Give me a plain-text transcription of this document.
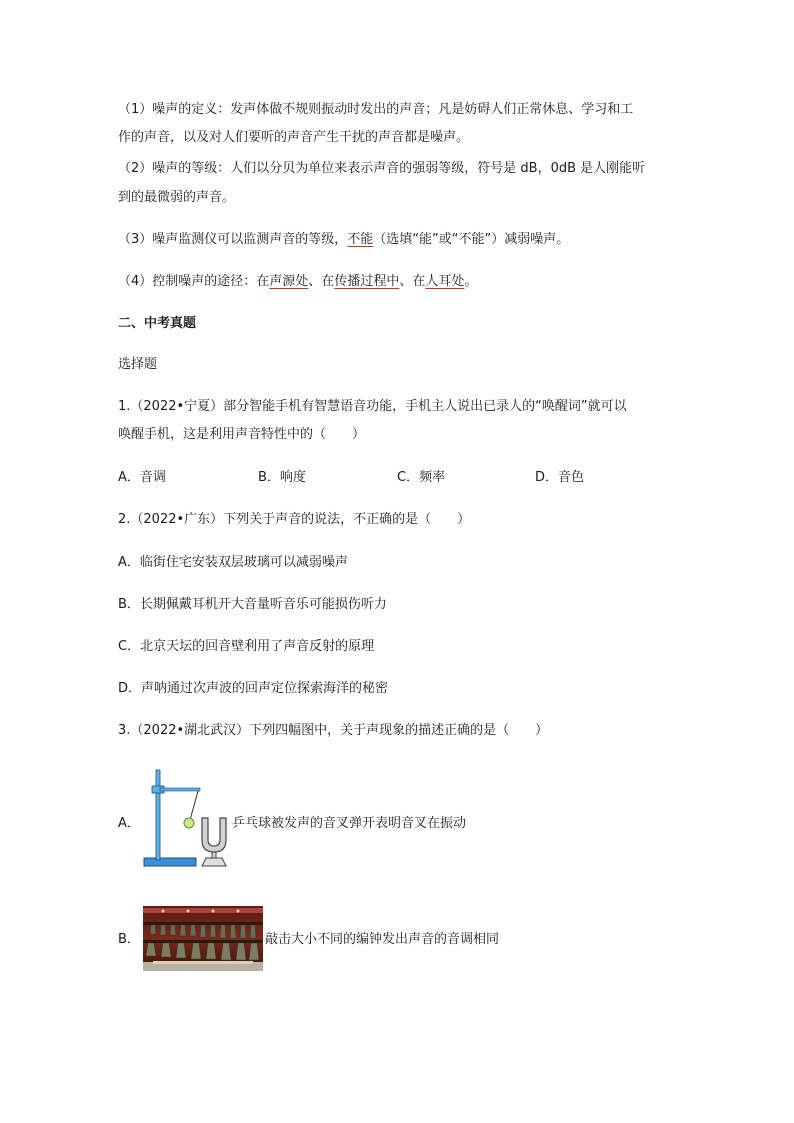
（1）噪声的定义：发声体做不规则振动时发出的声音；凡是妨碍人们正常休息、学习和工
作的声音，以及对人们要听的声音产生干扰的声音都是噪声。
（2）噪声的等级：人们以分贝为单位来表示声音的强弱等级，符号是 dB，0dB 是人刚能听
到的最微弱的声音。
（3）噪声监测仪可以监测声音的等级，不能（选填“能”或“不能”）减弱噪声。
（4）控制噪声的途径：在声源处、在传播过程中、在人耳处。
二、中考真题
选择题
1.（2022•宁夏）部分智能手机有智慧语音功能，手机主人说出已录人的“唤醒词”就可以
唤醒手机，这是利用声音特性中的（　　）
A．音调	B．响度	C．频率	D．音色
2.（2022•广东）下列关于声音的说法，不正确的是（　　）
A．临街住宅安装双层玻璃可以减弱噪声
B．长期佩戴耳机开大音量听音乐可能损伤听力
C．北京天坛的回音壁利用了声音反射的原理
D．声呐通过次声波的回声定位探索海洋的秘密
3.（2022•湖北武汉）下列四幅图中，关于声现象的描述正确的是（　　）
A．	乒乓球被发声的音叉弹开表明音叉在振动
B．	敲击大小不同的编钟发出声音的音调相同
